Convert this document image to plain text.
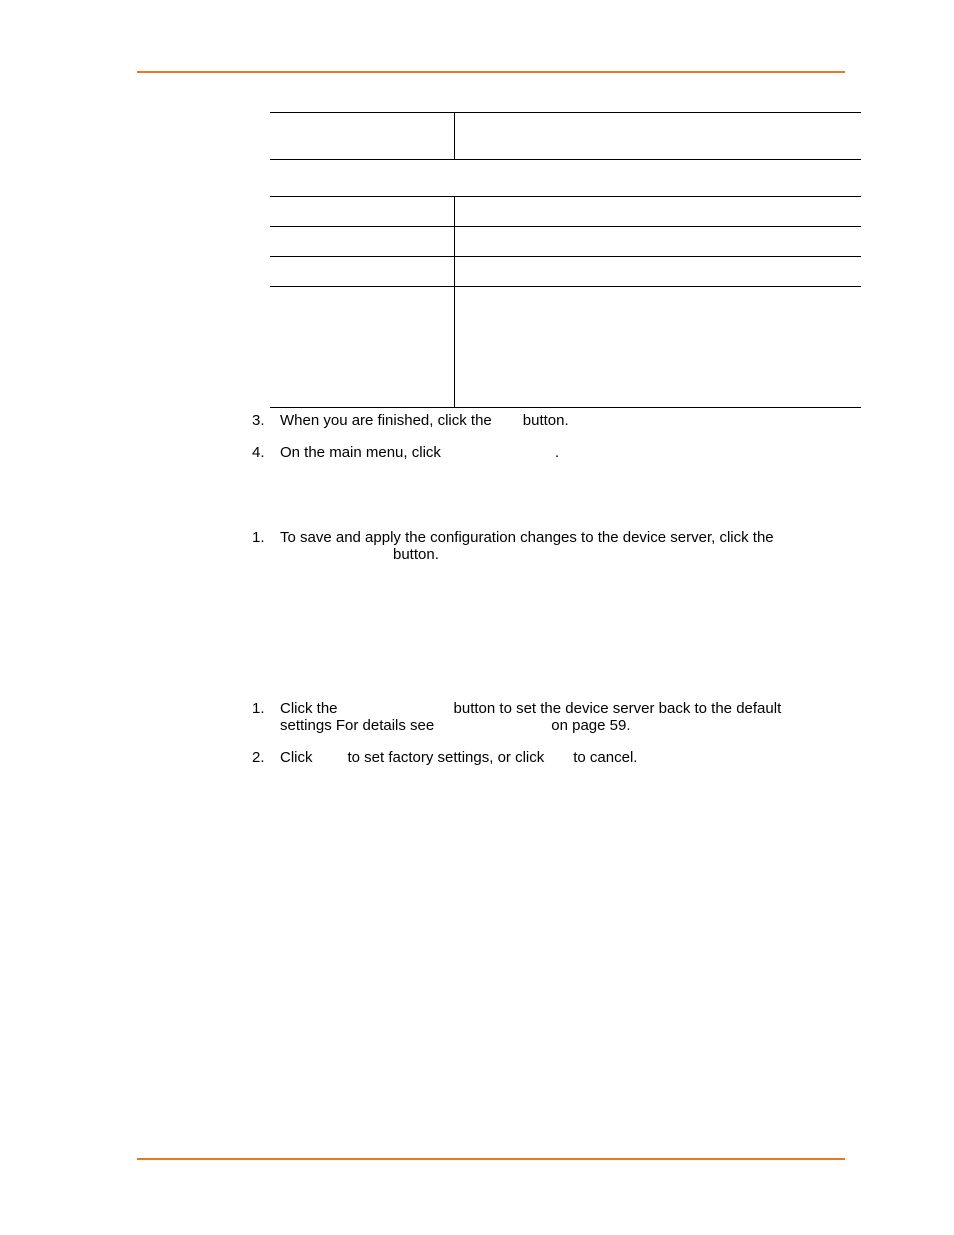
3.	When you are finished, click the button.
4.	On the main menu, click	.
1.	To save and apply the configuration changes to the device server, click the
button.
1.	Click the	button to set the device server back to the default
settings For details see	on page 59.
2.	Click to set factory settings, or click to cancel.
